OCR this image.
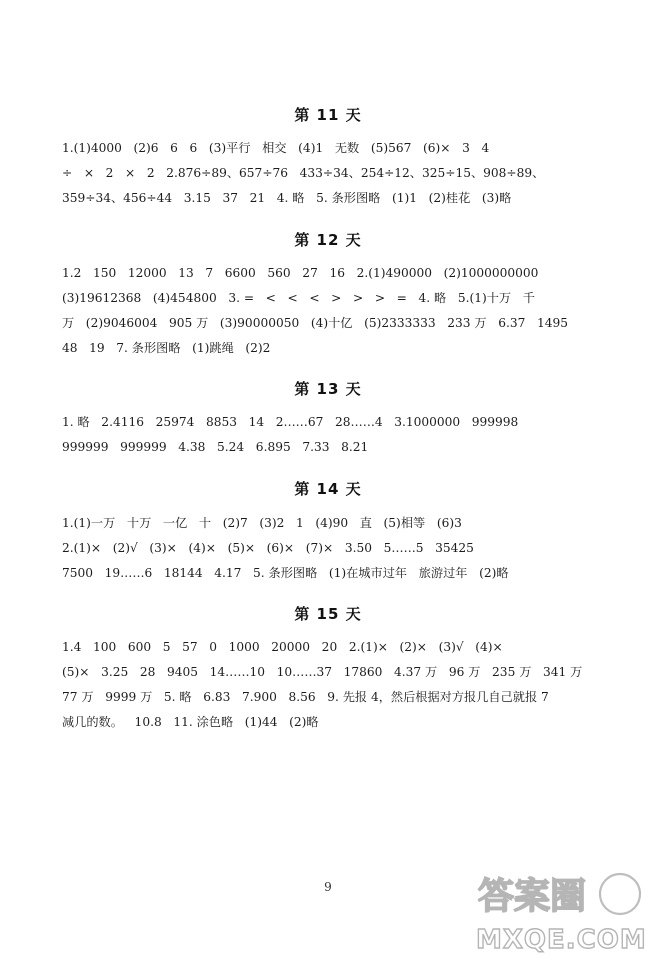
第 11 天
1.(1)4000   (2)6   6   6   (3)平行   相交   (4)1   无数   (5)567   (6)×   3   4
÷   ×   2   ×   2   2.876÷89、657÷76   433÷34、254÷12、325÷15、908÷89、
359÷34、456÷44   3.15   37   21   4. 略   5. 条形图略   (1)1   (2)桂花   (3)略
第 12 天
1.2   150   12000   13   7   6600   560   27   16   2.(1)490000   (2)1000000000
(3)19612368   (4)454800   3. =   <   <   <   >   >   >   =   4. 略   5.(1)十万   千
万   (2)9046004   905 万   (3)90000050   (4)十亿   (5)2333333   233 万   6.37   1495
48   19   7. 条形图略   (1)跳绳   (2)2
第 13 天
1. 略   2.4116   25974   8853   14   2……67   28……4   3.1000000   999998
999999   999999   4.38   5.24   6.895   7.33   8.21
第 14 天
1.(1)一万   十万   一亿   十   (2)7   (3)2   1   (4)90   直   (5)相等   (6)3
2.(1)×   (2)√   (3)×   (4)×   (5)×   (6)×   (7)×   3.50   5……5   35425
7500   19……6   18144   4.17   5. 条形图略   (1)在城市过年   旅游过年   (2)略
第 15 天
1.4   100   600   5   57   0   1000   20000   20   2.(1)×   (2)×   (3)√   (4)×
(5)×   3.25   28   9405   14……10   10……37   17860   4.37 万   96 万   235 万   341 万
77 万   9999 万   5. 略   6.83   7.900   8.56   9. 先报 4，然后根据对方报几自己就报 7
减几的数。   10.8   11. 涂色略   (1)44   (2)略
9	答案圈
MXQE.COM
